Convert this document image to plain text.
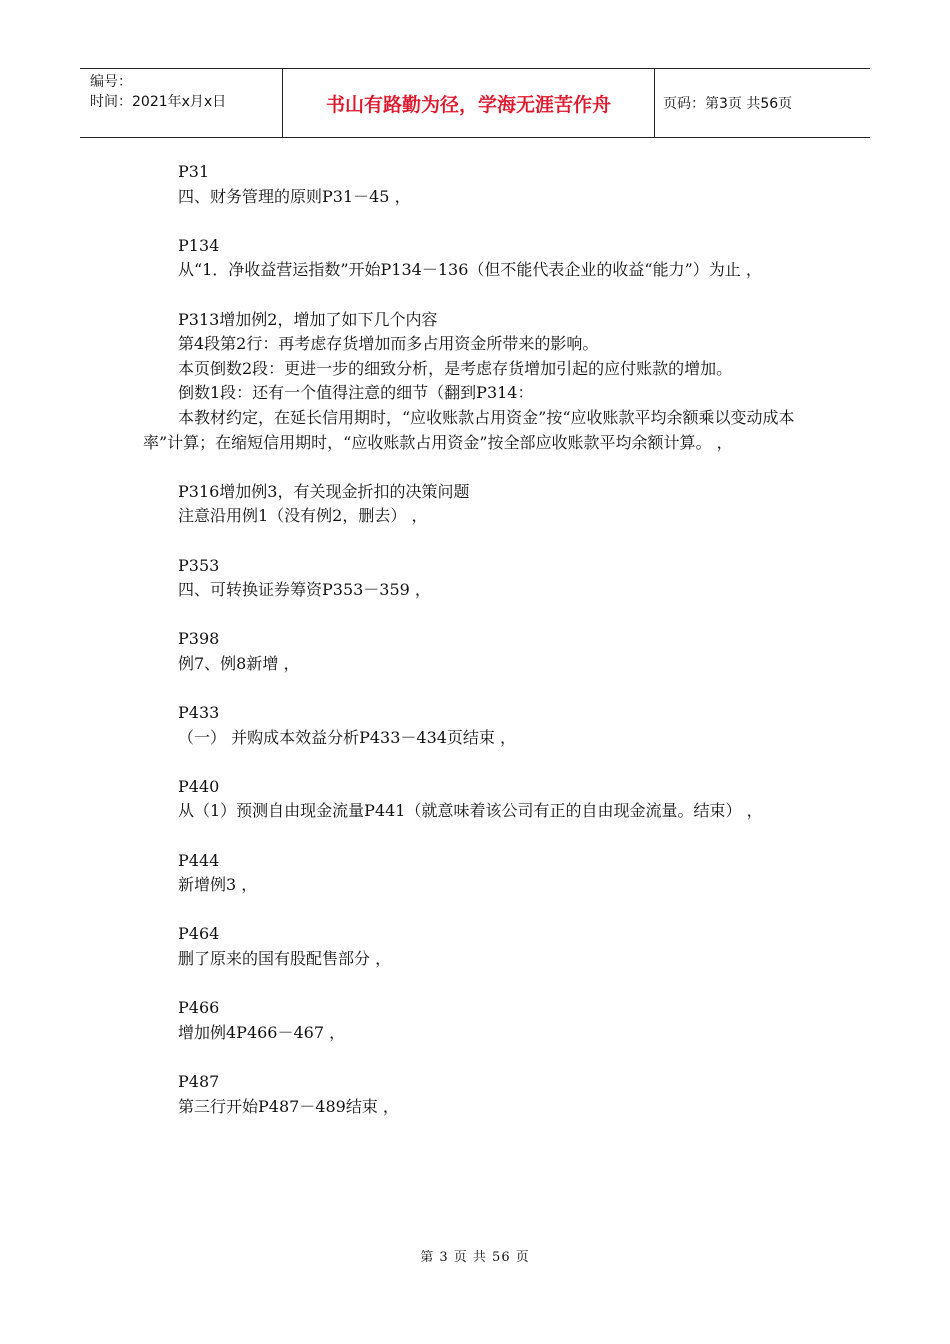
编号：
时间：2021年x月x日	书山有路勤为径，学海无涯苦作舟	页码：第3页 共56页

P31

四、财务管理的原则P31－45 ，

P134

从“1．净收益营运指数”开始P134－136（但不能代表企业的收益“能力”）为止 ，

P313增加例2，增加了如下几个内容

第4段第2行：再考虑存货增加而多占用资金所带来的影响。

本页倒数2段：更进一步的细致分析，是考虑存货增加引起的应付账款的增加。

倒数1段：还有一个值得注意的细节（翻到P314：

本教材约定，在延长信用期时，“应收账款占用资金”按“应收账款平均余额乘以变动成本率”计算；在缩短信用期时，“应收账款占用资金”按全部应收账款平均余额计算。 ，

P316增加例3，有关现金折扣的决策问题

注意沿用例1（没有例2，删去） ，

P353

四、可转换证券筹资P353－359 ，

P398

例7、例8新增 ，

P433

（一） 并购成本效益分析P433－434页结束 ，

P440

从（1）预测自由现金流量P441（就意味着该公司有正的自由现金流量。结束） ，

P444

新增例3 ，

P464

删了原来的国有股配售部分 ，

P466

增加例4P466－467 ，

P487

第三行开始P487－489结束 ，

第 3 页 共 56 页
